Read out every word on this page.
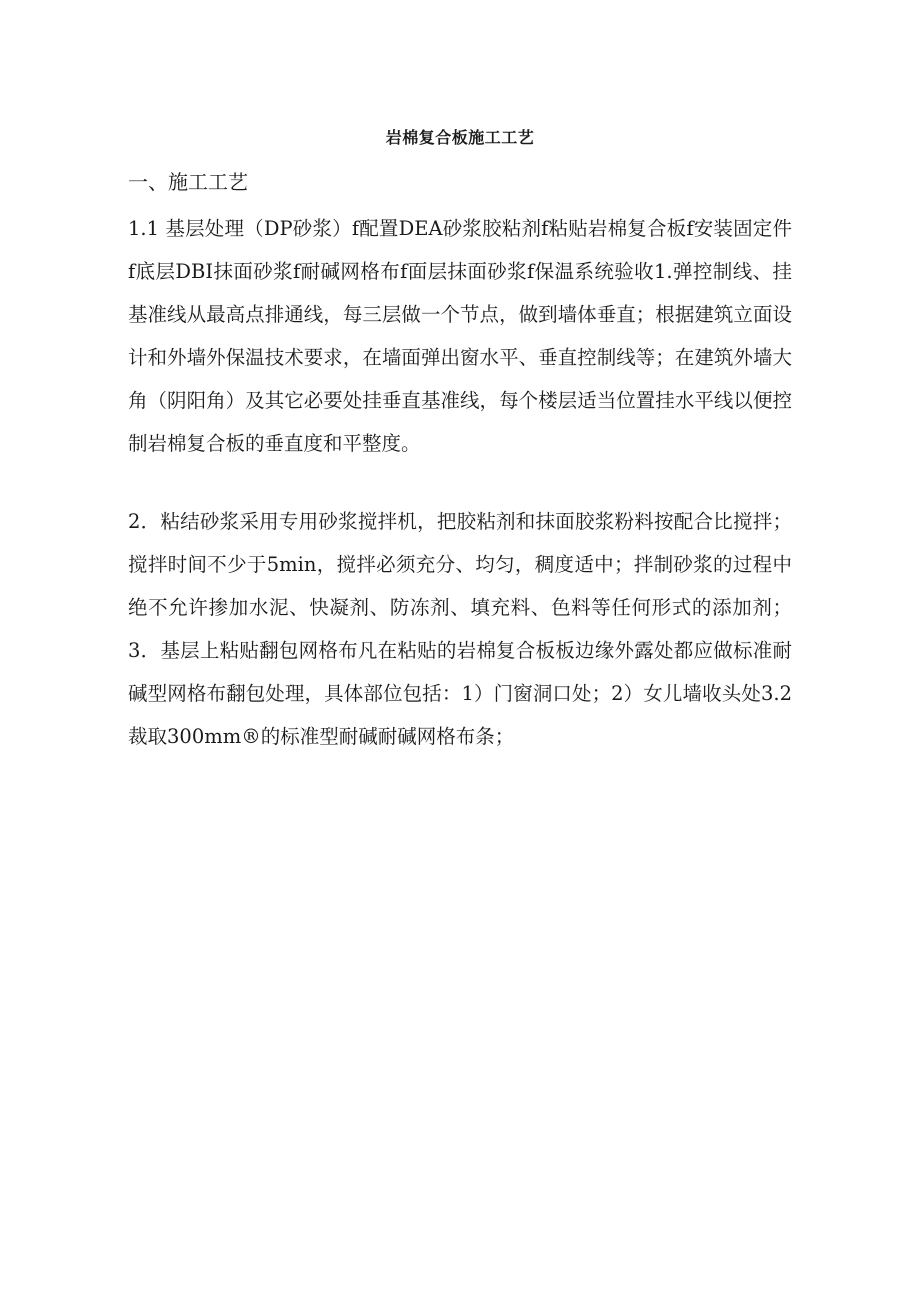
岩棉复合板施工工艺
一、施工工艺

1.1 基层处理（DP砂浆）f配置DEA砂浆胶粘剂f粘贴岩棉复合板f安装固定件f底层DBI抹面砂浆f耐碱网格布f面层抹面砂浆f保温系统验收1.弹控制线、挂基准线从最高点排通线，每三层做一个节点，做到墙体垂直；根据建筑立面设计和外墙外保温技术要求，在墙面弹出窗水平、垂直控制线等；在建筑外墙大角（阴阳角）及其它必要处挂垂直基准线，每个楼层适当位置挂水平线以便控制岩棉复合板的垂直度和平整度。

2．粘结砂浆采用专用砂浆搅拌机，把胶粘剂和抹面胶浆粉料按配合比搅拌；搅拌时间不少于5min，搅拌必须充分、均匀，稠度适中；拌制砂浆的过程中绝不允许掺加水泥、快凝剂、防冻剂、填充料、色料等任何形式的添加剂；3．基层上粘贴翻包网格布凡在粘贴的岩棉复合板板边缘外露处都应做标准耐碱型网格布翻包处理，具体部位包括：1）门窗洞口处；2）女儿墙收头处3.2裁取300mm®的标准型耐碱耐碱网格布条；
